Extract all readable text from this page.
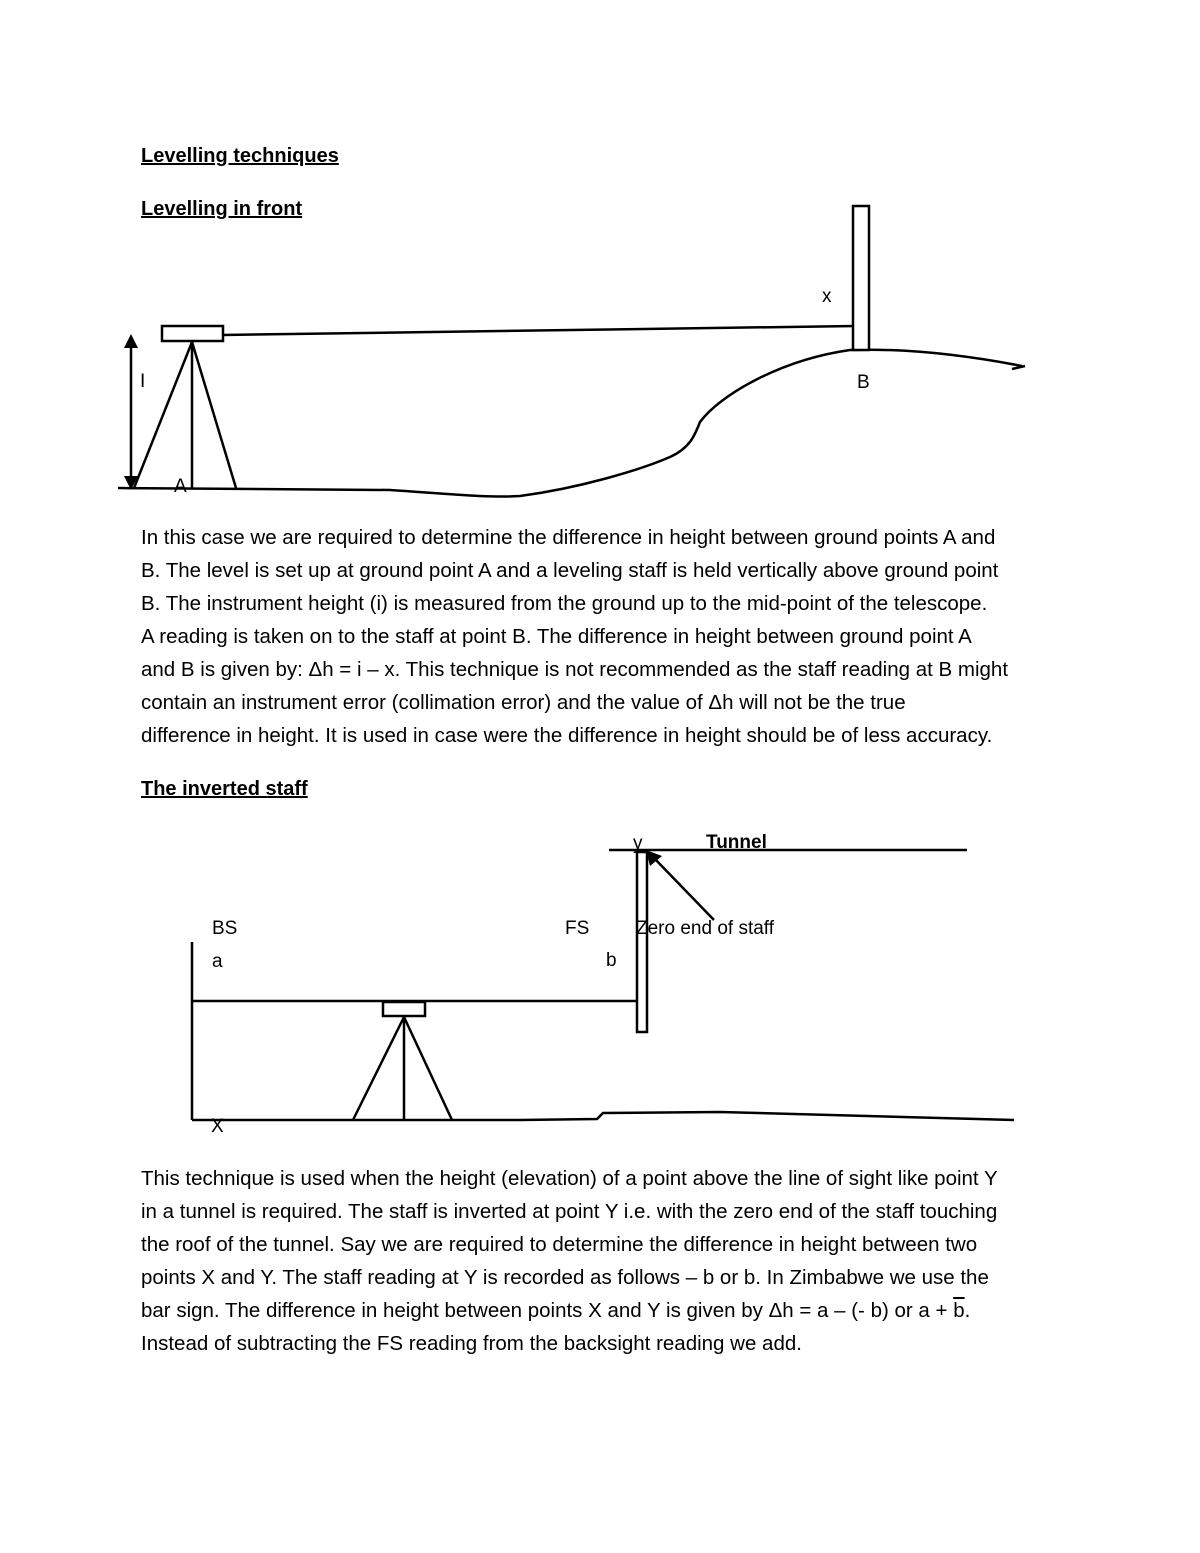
Levelling techniques

Levelling in front

I
A
x
B
In this case we are required to determine the difference in height between ground points A and
B. The level is set up at ground point A and a leveling staff is held vertically above ground point
B. The instrument height (i) is measured from the ground up to the mid-point of the telescope.
A reading is taken on to the staff at point B. The difference in height between ground point A
and B is given by: Δh = i – x. This technique is not recommended as the staff reading at B might
contain an instrument error (collimation error) and the value of Δh will not be the true
difference in height. It is used in case were the difference in height should be of less accuracy.

The inverted staff

y	Tunnel
BS
a
FS
b
Zero end of staff
X
This technique is used when the height (elevation) of a point above the line of sight like point Y
in a tunnel is required. The staff is inverted at point Y i.e. with the zero end of the staff touching
the roof of the tunnel. Say we are required to determine the difference in height between two
points X and Y. The staff reading at Y is recorded as follows – b or b. In Zimbabwe we use the
bar sign. The difference in height between points X and Y is given by Δh = a – (- b) or $a + \overline{b}$.
Instead of subtracting the FS reading from the backsight reading we add.
